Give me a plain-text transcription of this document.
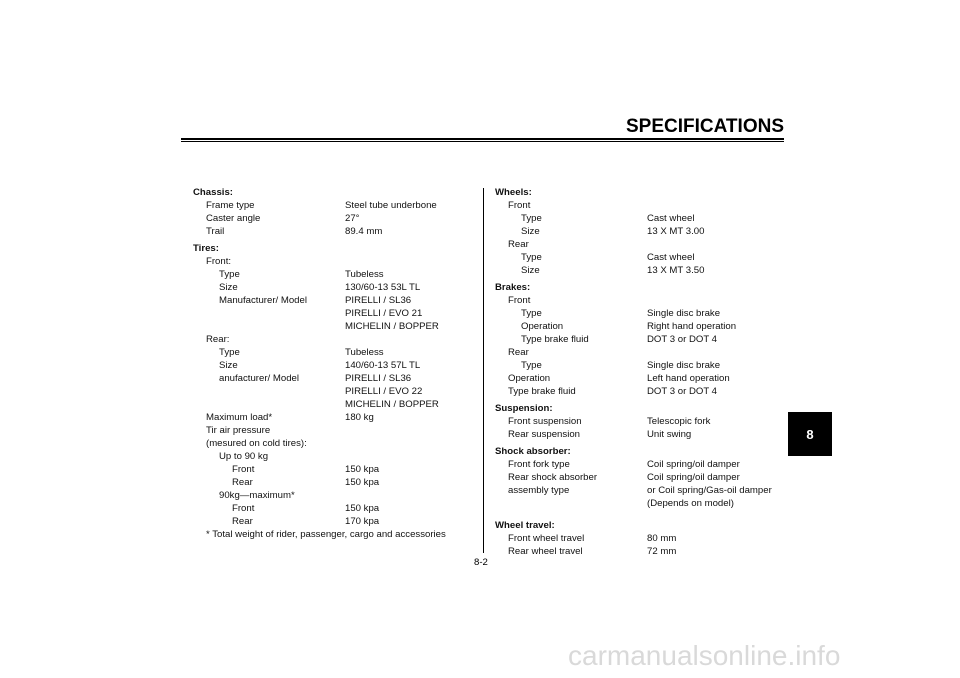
SPECIFICATIONS
Chassis:
Frame type	Steel tube underbone
Caster angle	27°
Trail	89.4 mm
Tires:
Front:
Type	Tubeless
Size	130/60-13 53L TL
Manufacturer/ Model	PIRELLI / SL36
PIRELLI / EVO 21
MICHELIN / BOPPER
Rear:
Type	Tubeless
Size	140/60-13 57L TL
anufacturer/ Model	PIRELLI / SL36
PIRELLI / EVO 22
MICHELIN / BOPPER
Maximum load*	180 kg
Tir air pressure
(mesured on cold tires):
Up to 90 kg
Front	150 kpa
Rear	150 kpa
90kg—maximum*
Front	150 kpa
Rear	170 kpa
* Total weight of rider, passenger, cargo and accessories
Wheels:
Front
Type	Cast wheel
Size	13 X MT 3.00
Rear
Type	Cast wheel
Size	13 X MT 3.50
Brakes:
Front
Type	Single disc brake
Operation	Right hand operation
Type brake fluid	DOT 3 or DOT 4
Rear
Type	Single disc brake
Operation	Left hand operation
Type brake fluid	DOT 3 or DOT 4
Suspension:
Front suspension	Telescopic fork
Rear suspension	Unit swing
Shock absorber:
Front fork type	Coil spring/oil damper
Rear shock absorber	Coil spring/oil damper
assembly type	or Coil spring/Gas-oil damper
(Depends on model)
Wheel travel:
Front wheel travel	80 mm
Rear wheel travel	72 mm
8
8-2
carmanualsonline.info
